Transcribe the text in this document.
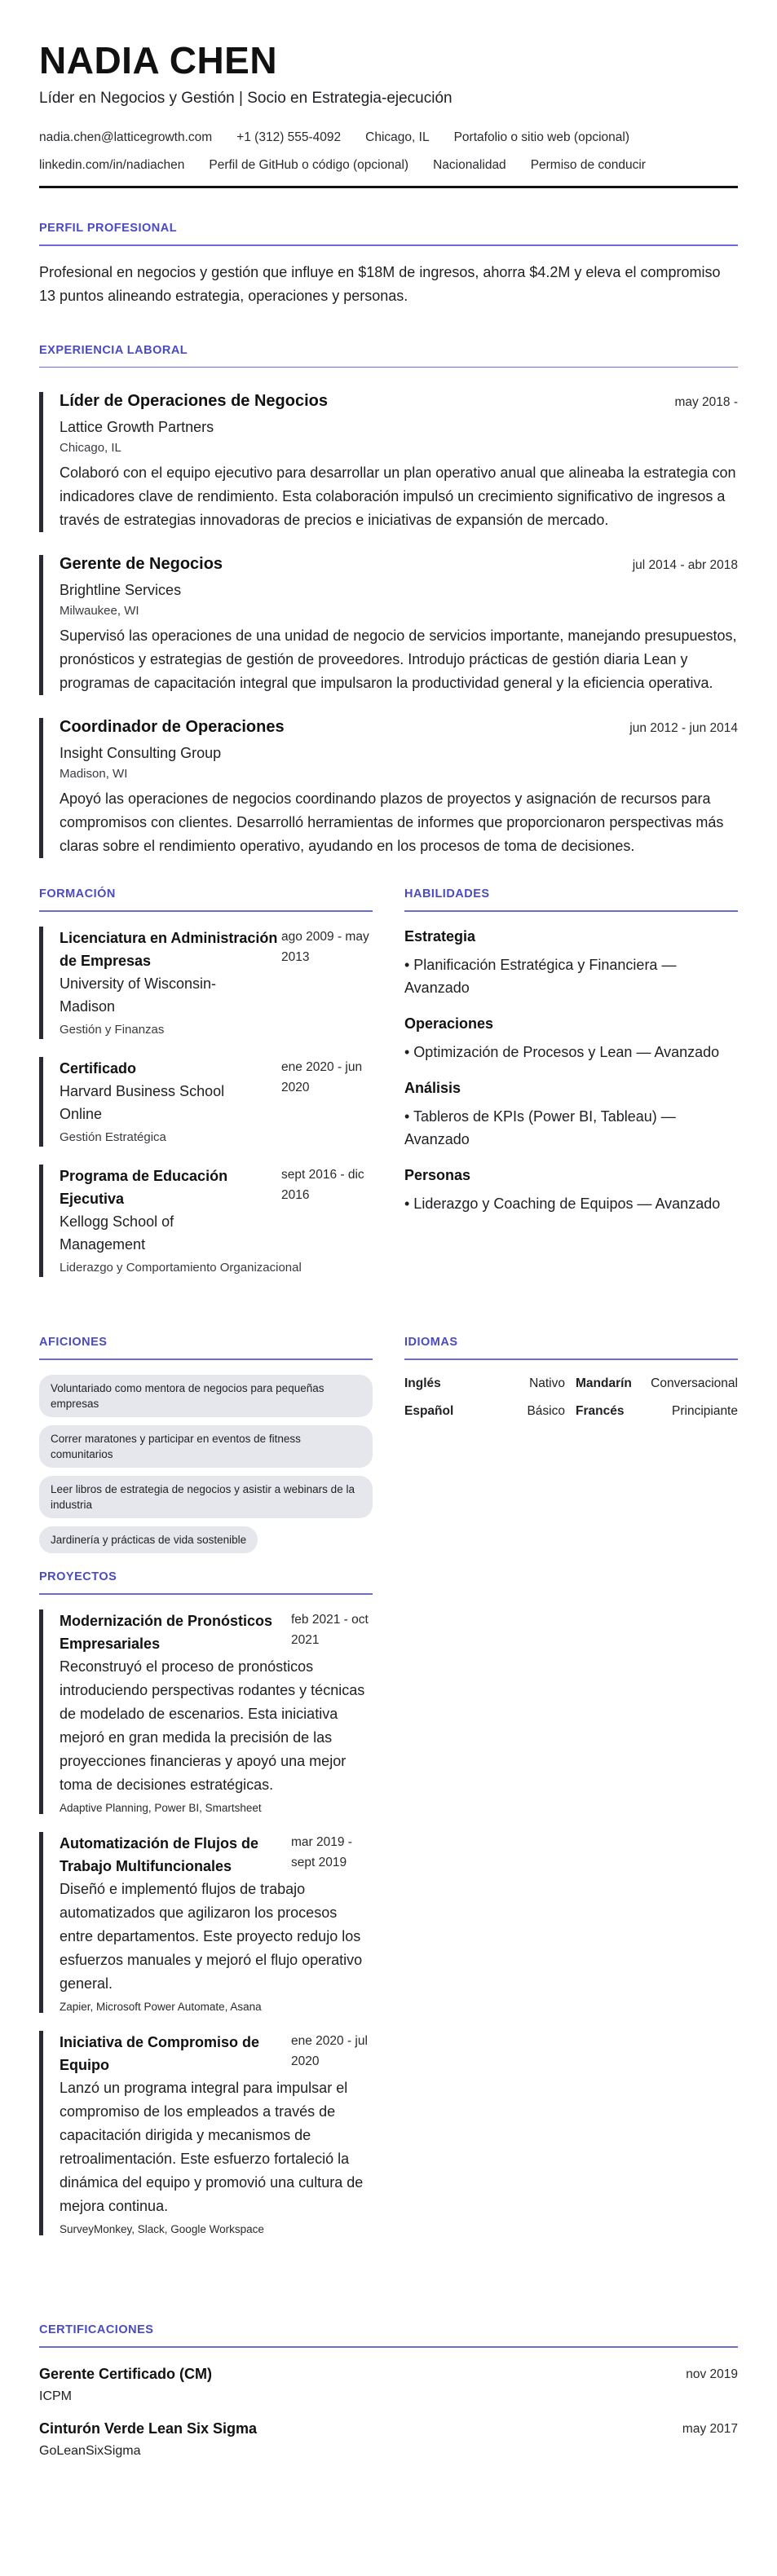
NADIA CHEN
Líder en Negocios y Gestión | Socio en Estrategia-ejecución
nadia.chen@latticegrowth.com +1 (312) 555-4092 Chicago, IL Portafolio o sitio web (opcional)
linkedin.com/in/nadiachen Perfil de GitHub o código (opcional) Nacionalidad Permiso de conducir
PERFIL PROFESIONAL
Profesional en negocios y gestión que influye en $18M de ingresos, ahorra $4.2M y eleva el compromiso 13 puntos alineando estrategia, operaciones y personas.
EXPERIENCIA LABORAL
Líder de Operaciones de Negocios	may 2018 -
Lattice Growth Partners
Chicago, IL
Colaboró con el equipo ejecutivo para desarrollar un plan operativo anual que alineaba la estrategia con indicadores clave de rendimiento. Esta colaboración impulsó un crecimiento significativo de ingresos a través de estrategias innovadoras de precios e iniciativas de expansión de mercado.
Gerente de Negocios	jul 2014 - abr 2018
Brightline Services
Milwaukee, WI
Supervisó las operaciones de una unidad de negocio de servicios importante, manejando presupuestos, pronósticos y estrategias de gestión de proveedores. Introdujo prácticas de gestión diaria Lean y programas de capacitación integral que impulsaron la productividad general y la eficiencia operativa.
Coordinador de Operaciones	jun 2012 - jun 2014
Insight Consulting Group
Madison, WI
Apoyó las operaciones de negocios coordinando plazos de proyectos y asignación de recursos para compromisos con clientes. Desarrolló herramientas de informes que proporcionaron perspectivas más claras sobre el rendimiento operativo, ayudando en los procesos de toma de decisiones.
FORMACIÓN
Licenciatura en Administración de Empresas
ago 2009 - may 2013
University of Wisconsin-Madison
Gestión y Finanzas
Certificado	ene 2020 - jun 2020
Harvard Business School Online
Gestión Estratégica
Programa de Educación Ejecutiva
sept 2016 - dic 2016
Kellogg School of Management
Liderazgo y Comportamiento Organizacional
HABILIDADES
Estrategia
• Planificación Estratégica y Financiera — Avanzado
Operaciones
• Optimización de Procesos y Lean — Avanzado
Análisis
• Tableros de KPIs (Power BI, Tableau) — Avanzado
Personas
• Liderazgo y Coaching de Equipos — Avanzado
AFICIONES
Voluntariado como mentora de negocios para pequeñas empresas
Correr maratones y participar en eventos de fitness comunitarios
Leer libros de estrategia de negocios y asistir a webinars de la industria
Jardinería y prácticas de vida sostenible
IDIOMAS
Inglés	Nativo Mandarín Conversacional
Español	Básico Francés	Principiante
PROYECTOS
Modernización de Pronósticos Empresariales
feb 2021 - oct 2021
Reconstruyó el proceso de pronósticos introduciendo perspectivas rodantes y técnicas de modelado de escenarios. Esta iniciativa mejoró en gran medida la precisión de las proyecciones financieras y apoyó una mejor toma de decisiones estratégicas.
Adaptive Planning, Power BI, Smartsheet
Automatización de Flujos de Trabajo Multifuncionales
mar 2019 - sept 2019
Diseñó e implementó flujos de trabajo automatizados que agilizaron los procesos entre departamentos. Este proyecto redujo los esfuerzos manuales y mejoró el flujo operativo general.
Zapier, Microsoft Power Automate, Asana
Iniciativa de Compromiso de Equipo
ene 2020 - jul 2020
Lanzó un programa integral para impulsar el compromiso de los empleados a través de capacitación dirigida y mecanismos de retroalimentación. Este esfuerzo fortaleció la dinámica del equipo y promovió una cultura de mejora continua.
SurveyMonkey, Slack, Google Workspace
CERTIFICACIONES
Gerente Certificado (CM)
ICPM
nov 2019
Cinturón Verde Lean Six Sigma
GoLeanSixSigma
may 2017
